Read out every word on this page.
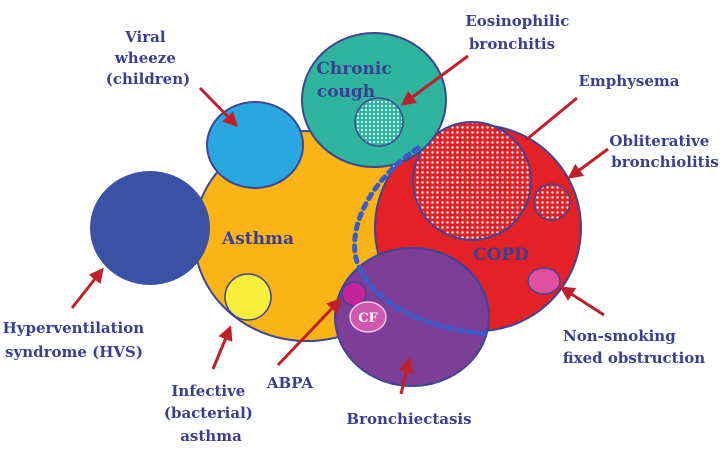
Chronic cough
Asthma
COPD
CF
Viral wheeze (children)
Eosinophilic bronchitis
Emphysema
Obliterative bronchiolitis
Hyperventilation syndrome (HVS)
Infective (bacterial) asthma
ABPA
Bronchiectasis
Non-smoking fixed obstruction
